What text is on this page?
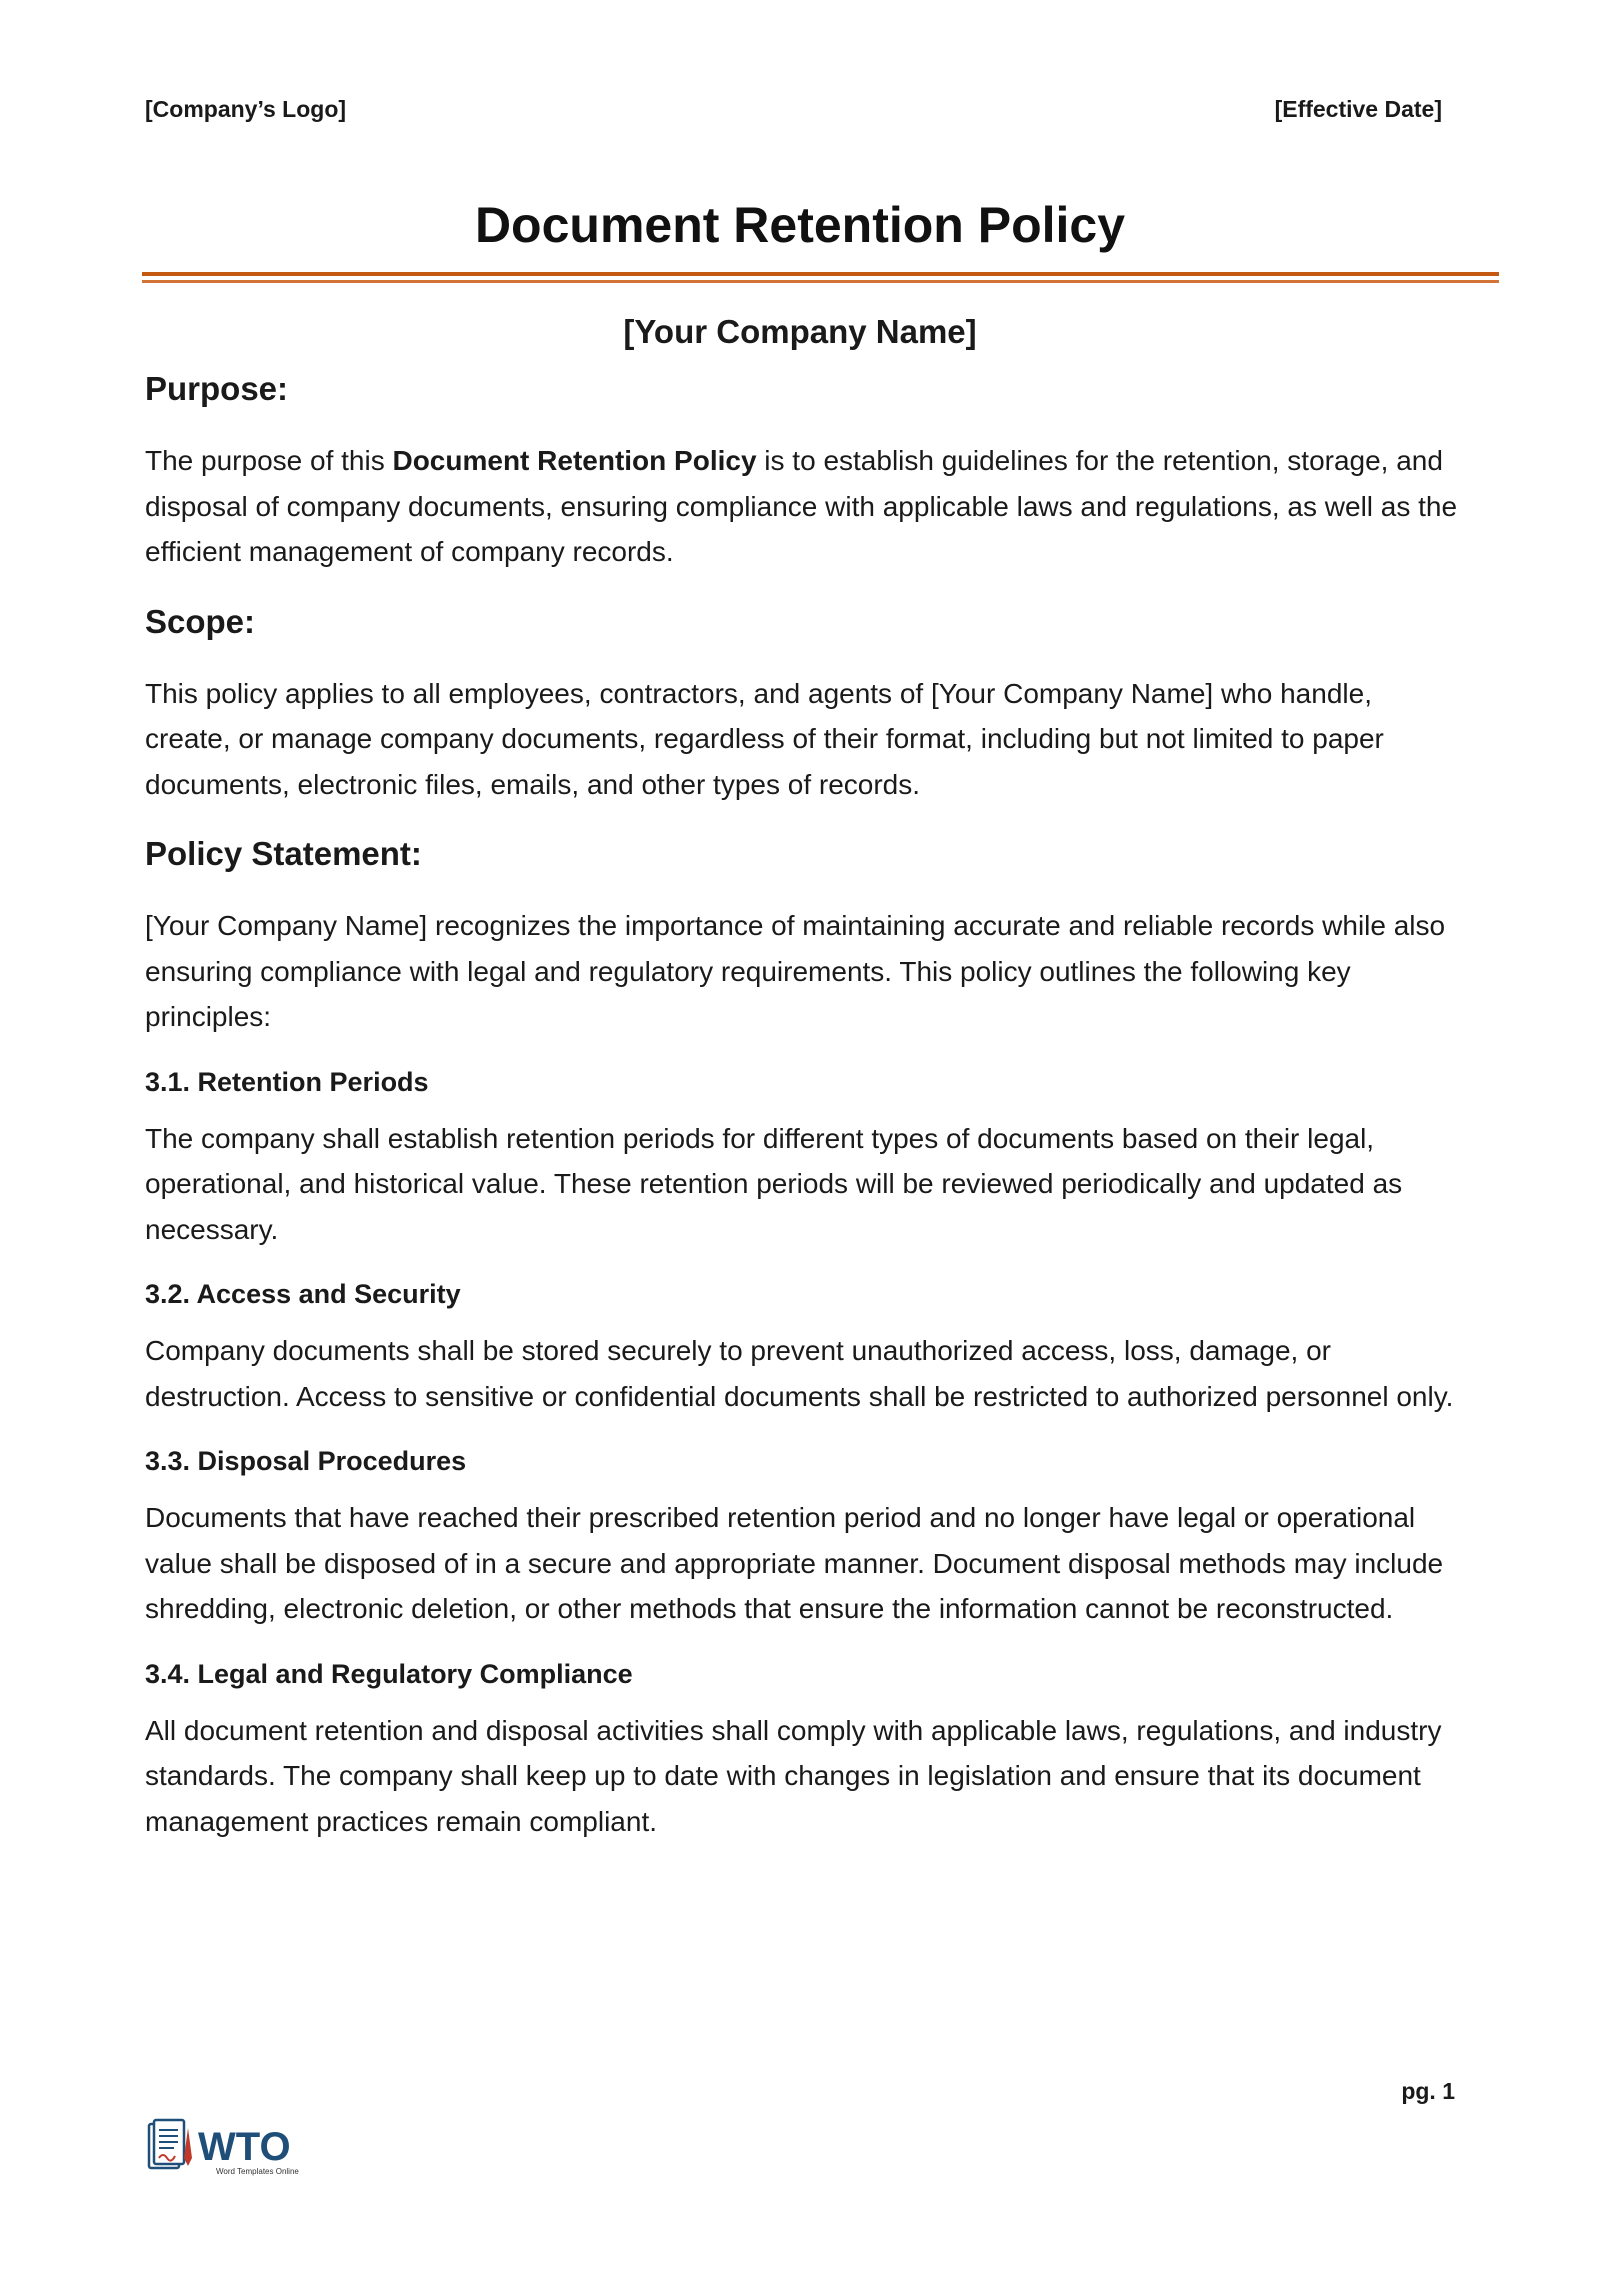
[Company’s Logo]	[Effective Date]
Document Retention Policy
[Your Company Name]
Purpose:

The purpose of this Document Retention Policy is to establish guidelines for the retention, storage, and disposal of company documents, ensuring compliance with applicable laws and regulations, as well as the efficient management of company records.

Scope:

This policy applies to all employees, contractors, and agents of [Your Company Name] who handle, create, or manage company documents, regardless of their format, including but not limited to paper documents, electronic files, emails, and other types of records.

Policy Statement:

[Your Company Name] recognizes the importance of maintaining accurate and reliable records while also ensuring compliance with legal and regulatory requirements. This policy outlines the following key principles:

3.1. Retention Periods

The company shall establish retention periods for different types of documents based on their legal, operational, and historical value. These retention periods will be reviewed periodically and updated as necessary.

3.2. Access and Security

Company documents shall be stored securely to prevent unauthorized access, loss, damage, or destruction. Access to sensitive or confidential documents shall be restricted to authorized personnel only.

3.3. Disposal Procedures

Documents that have reached their prescribed retention period and no longer have legal or operational value shall be disposed of in a secure and appropriate manner. Document disposal methods may include shredding, electronic deletion, or other methods that ensure the information cannot be reconstructed.

3.4. Legal and Regulatory Compliance

All document retention and disposal activities shall comply with applicable laws, regulations, and industry standards. The company shall keep up to date with changes in legislation and ensure that its document management practices remain compliant.

pg. 1
WTO
Word Templates Online
